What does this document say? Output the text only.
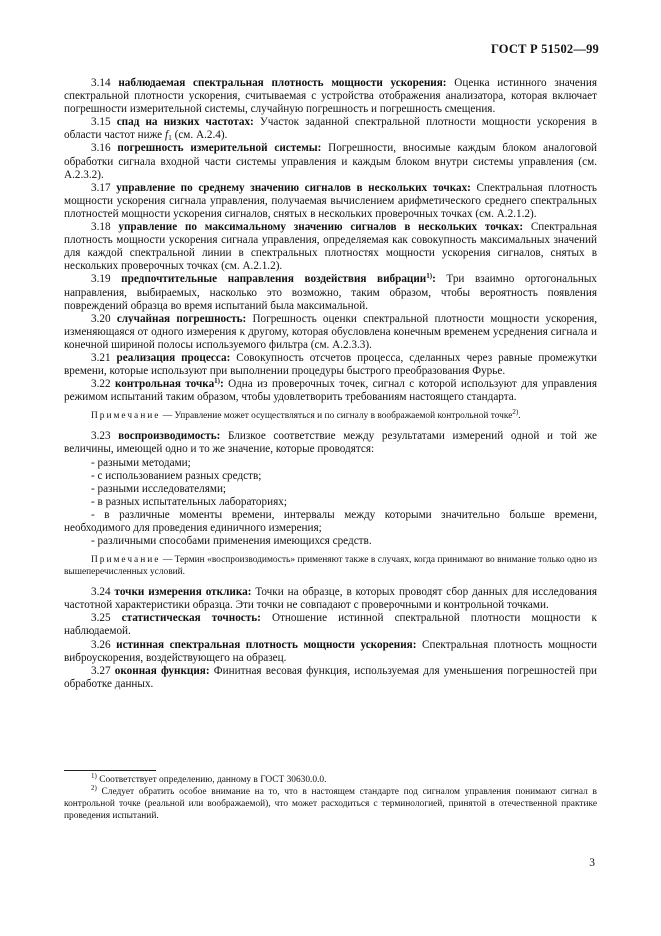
ГОСТ Р 51502—99

3.14 наблюдаемая спектральная плотность мощности ускорения: Оценка истинного значения спектральной плотности ускорения, считываемая с устройства отображения анализатора, которая включает погрешности измерительной системы, случайную погрешность и погрешность смещения.

3.15 спад на низких частотах: Участок заданной спектральной плотности мощности ускорения в области частот ниже $f_1$ (см. А.2.4).

3.16 погрешность измерительной системы: Погрешности, вносимые каждым блоком аналоговой обработки сигнала входной части системы управления и каждым блоком внутри системы управления (см. А.2.3.2).

3.17 управление по среднему значению сигналов в нескольких точках: Спектральная плотность мощности ускорения сигнала управления, получаемая вычислением арифметического среднего спектральных плотностей мощности ускорения сигналов, снятых в нескольких проверочных точках (см. А.2.1.2).

3.18 управление по максимальному значению сигналов в нескольких точках: Спектральная плотность мощности ускорения сигнала управления, определяемая как совокупность максимальных значений для каждой спектральной линии в спектральных плотностях мощности ускорения сигналов, снятых в нескольких проверочных точках (см. А.2.1.2).

3.19 предпочтительные направления воздействия вибрации$^{1)}$: Три взаимно ортогональных направления, выбираемых, насколько это возможно, таким образом, чтобы вероятность появления повреждений образца во время испытаний была максимальной.

3.20 случайная погрешность: Погрешность оценки спектральной плотности мощности ускорения, изменяющаяся от одного измерения к другому, которая обусловлена конечным временем усреднения сигнала и конечной шириной полосы используемого фильтра (см. А.2.3.3).

3.21 реализация процесса: Совокупность отсчетов процесса, сделанных через равные промежутки времени, которые используют при выполнении процедуры быстрого преобразования Фурье.

3.22 контрольная точка$^{1)}$: Одна из проверочных точек, сигнал с которой используют для управления режимом испытаний таким образом, чтобы удовлетворить требованиям настоящего стандарта.

Примечание — Управление может осуществляться и по сигналу в воображаемой контрольной точке$^{2)}$.

3.23 воспроизводимость: Близкое соответствие между результатами измерений одной и той же величины, имеющей одно и то же значение, которые проводятся:

- разными методами;

- с использованием разных средств;

- разными исследователями;

- в разных испытательных лабораториях;

- в различные моменты времени, интервалы между которыми значительно больше времени, необходимого для проведения единичного измерения;

- различными способами применения имеющихся средств.

Примечание — Термин «воспроизводимость» применяют также в случаях, когда принимают во внимание только одно из вышеперечисленных условий.

3.24 точки измерения отклика: Точки на образце, в которых проводят сбор данных для исследования частотной характеристики образца. Эти точки не совпадают с проверочными и контрольной точками.

3.25 статистическая точность: Отношение истинной спектральной плотности мощности к наблюдаемой.

3.26 истинная спектральная плотность мощности ускорения: Спектральная плотность мощности виброускорения, воздействующего на образец.

3.27 оконная функция: Финитная весовая функция, используемая для уменьшения погрешностей при обработке данных.

$^{1)}$ Соответствует определению, данному в ГОСТ 30630.0.0.

$^{2)}$ Следует обратить особое внимание на то, что в настоящем стандарте под сигналом управления понимают сигнал в контрольной точке (реальной или воображаемой), что может расходиться с терминологией, принятой в отечественной практике проведения испытаний.

3
